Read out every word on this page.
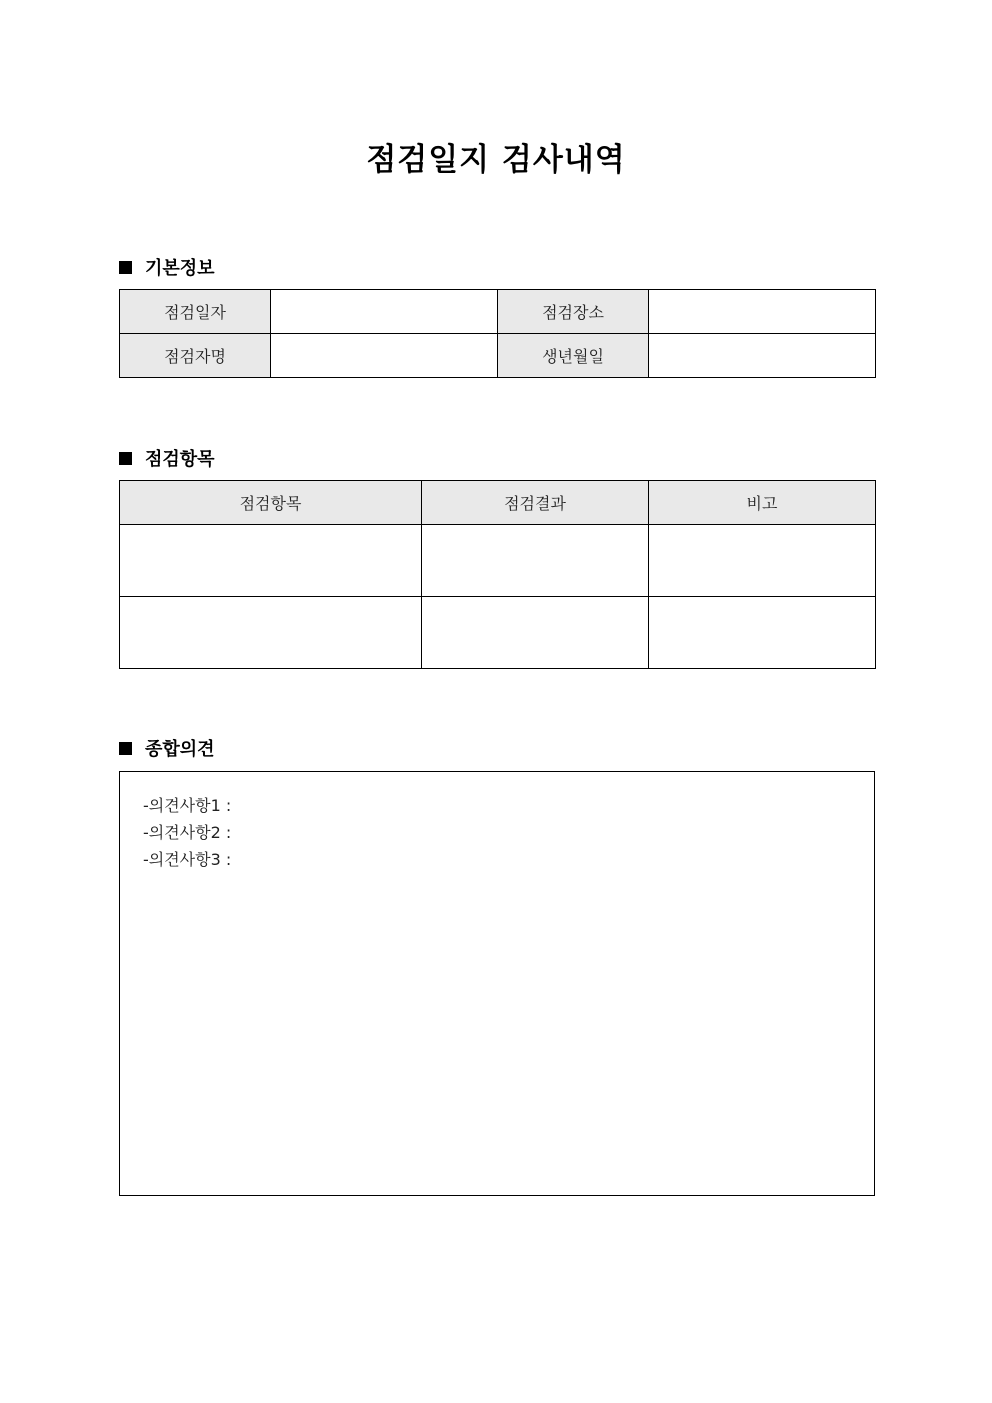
점검일지 검사내역
기본정보
점검일자		점검장소	
점검자명		생년월일	
점검항목
점검항목	점검결과	비고

종합의견
-의견사항1 :
-의견사항2 :
-의견사항3 :
